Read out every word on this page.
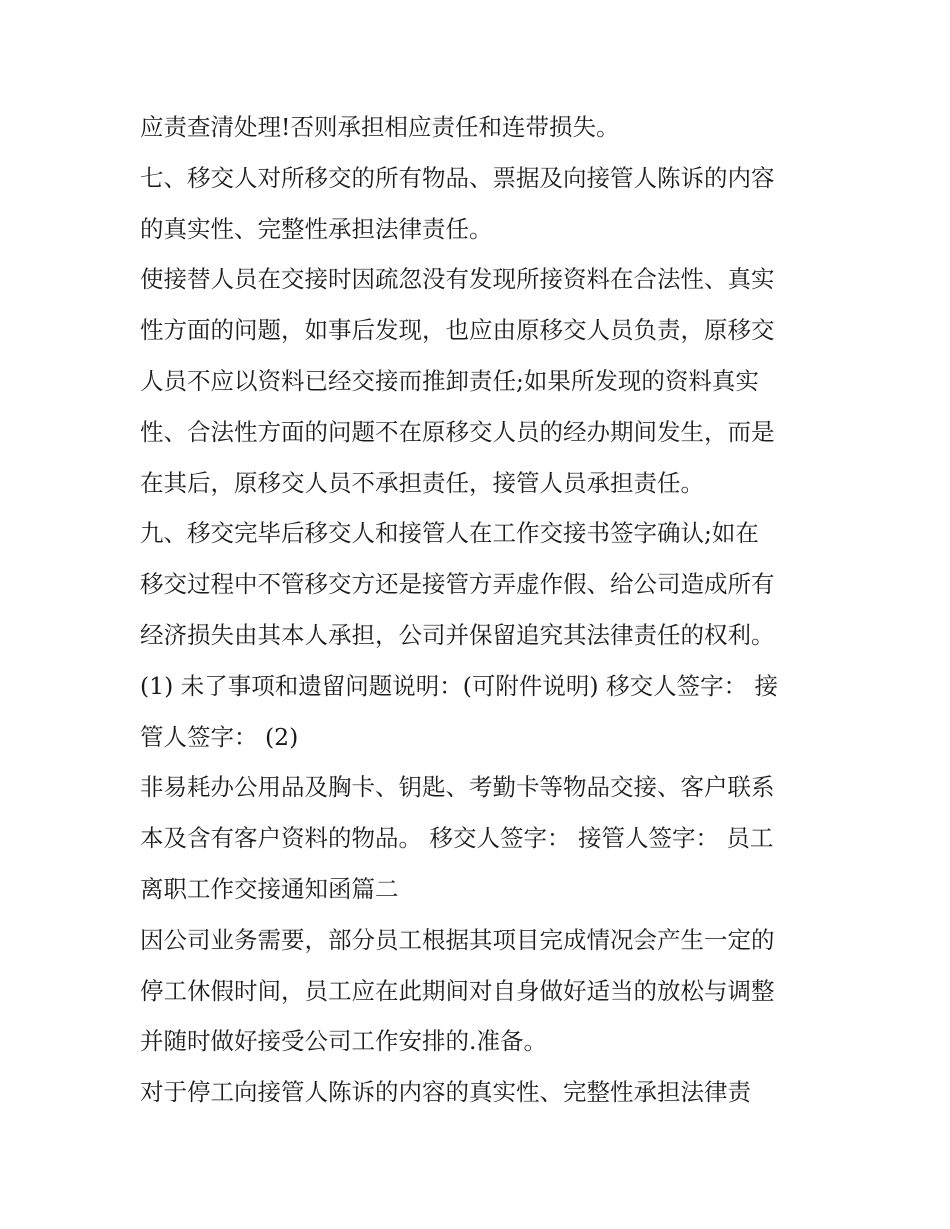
应责查清处理!否则承担相应责任和连带损失。

七、移交人对所移交的所有物品、票据及向接管人陈诉的内容
的真实性、完整性承担法律责任。

使接替人员在交接时因疏忽没有发现所接资料在合法性、真实
性方面的问题，如事后发现，也应由原移交人员负责，原移交
人员不应以资料已经交接而推卸责任;如果所发现的资料真实
性、合法性方面的问题不在原移交人员的经办期间发生，而是
在其后，原移交人员不承担责任，接管人员承担责任。

九、移交完毕后移交人和接管人在工作交接书签字确认;如在
移交过程中不管移交方还是接管方弄虚作假、给公司造成所有
经济损失由其本人承担，公司并保留追究其法律责任的权利。

(1) 未了事项和遗留问题说明：(可附件说明) 移交人签字： 接
管人签字： (2)

非易耗办公用品及胸卡、钥匙、考勤卡等物品交接、客户联系
本及含有客户资料的物品。 移交人签字： 接管人签字： 员工
离职工作交接通知函篇二

因公司业务需要，部分员工根据其项目完成情况会产生一定的
停工休假时间，员工应在此期间对自身做好适当的放松与调整
并随时做好接受公司工作安排的.准备。

对于停工向接管人陈诉的内容的真实性、完整性承担法律责
